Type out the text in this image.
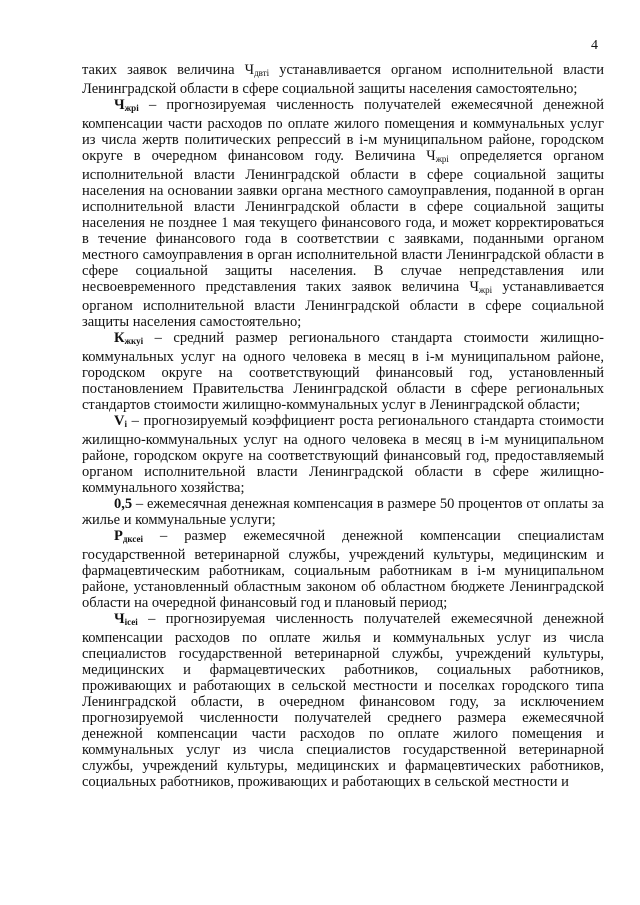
4

таких заявок величина $Ч_{двті}$ устанавливается органом исполнительной власти Ленинградской области в сфере социальной защиты населения самостоятельно;

$Ч_{жpі}$ – прогнозируемая численность получателей ежемесячной денежной компенсации части расходов по оплате жилого помещения и коммунальных услуг из числа жертв политических репрессий в i-м муниципальном районе, городском округе в очередном финансовом году. Величина $Ч_{жрі}$ определяется органом исполнительной власти Ленинградской области в сфере социальной защиты населения на основании заявки органа местного самоуправления, поданной в орган исполнительной власти Ленинградской области в сфере социальной защиты населения не позднее 1 мая текущего финансового года, и может корректироваться в течение финансового года в соответствии с заявками, поданными органом местного самоуправления в орган исполнительной власти Ленинградской области в сфере социальной защиты населения. В случае непредставления или несвоевременного представления таких заявок величина $Ч_{жрі}$ устанавливается органом исполнительной власти Ленинградской области в сфере социальной защиты населения самостоятельно;

$К_{жкуі}$ – средний размер регионального стандарта стоимости жилищно-коммунальных услуг на одного человека в месяц в i-м муниципальном районе, городском округе на соответствующий финансовый год, установленный постановлением Правительства Ленинградской области в сфере региональных стандартов стоимости жилищно-коммунальных услуг в Ленинградской области;

$V_i$ – прогнозируемый коэффициент роста регионального стандарта стоимости жилищно-коммунальных услуг на одного человека в месяц в i-м муниципальном районе, городском округе на соответствующий финансовый год, предоставляемый органом исполнительной власти Ленинградской области в сфере жилищно-коммунального хозяйства;

0,5 – ежемесячная денежная компенсация в размере 50 процентов от оплаты за жилье и коммунальные услуги;

$Р_{дксеі}$ – размер ежемесячной денежной компенсации специалистам государственной ветеринарной службы, учреждений культуры, медицинским и фармацевтическим работникам, социальным работникам в i-м муниципальном районе, установленный областным законом об областном бюджете Ленинградской области на очередной финансовый год и плановый период;

$Ч_{ісеі}$ – прогнозируемая численность получателей ежемесячной денежной компенсации расходов по оплате жилья и коммунальных услуг из числа специалистов государственной ветеринарной службы, учреждений культуры, медицинских и фармацевтических работников, социальных работников, проживающих и работающих в сельской местности и поселках городского типа Ленинградской области, в очередном финансовом году, за исключением прогнозируемой численности получателей среднего размера ежемесячной денежной компенсации части расходов по оплате жилого помещения и коммунальных услуг из числа специалистов государственной ветеринарной службы, учреждений культуры, медицинских и фармацевтических работников, социальных работников, проживающих и работающих в сельской местности и
